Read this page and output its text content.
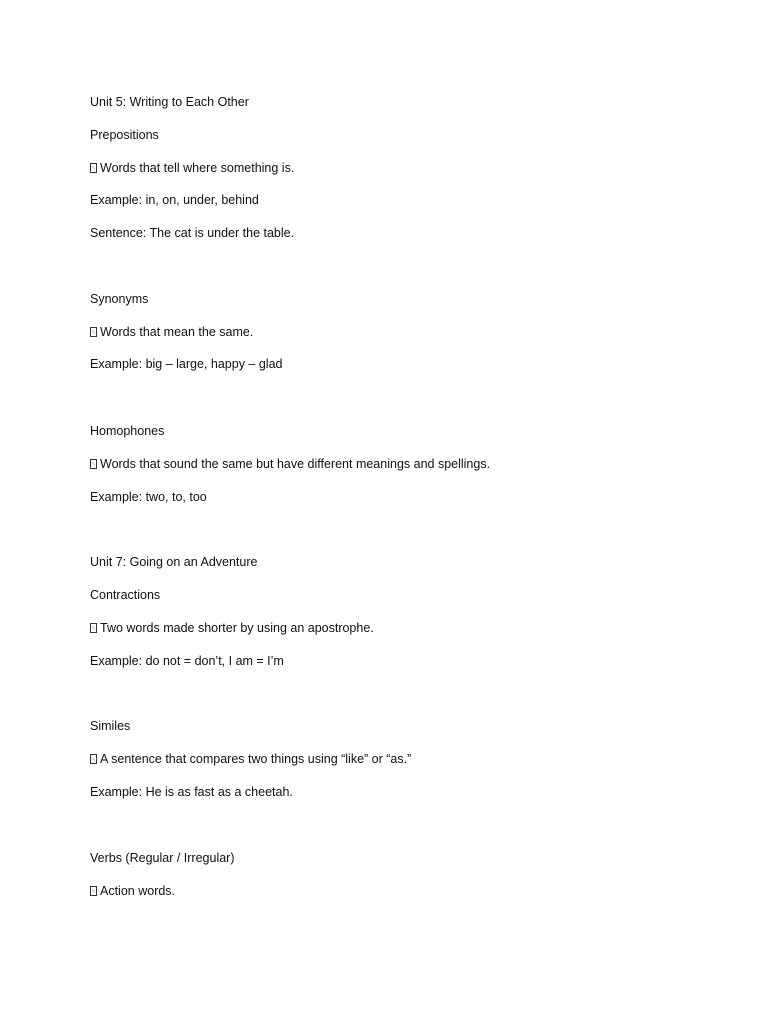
Unit 5: Writing to Each Other
Prepositions
Words that tell where something is.
Example: in, on, under, behind
Sentence: The cat is under the table.
Synonyms
Words that mean the same.
Example: big – large, happy – glad
Homophones
Words that sound the same but have different meanings and spellings.
Example: two, to, too
Unit 7: Going on an Adventure
Contractions
Two words made shorter by using an apostrophe.
Example: do not = don’t, I am = I’m
Similes
A sentence that compares two things using “like” or “as.”
Example: He is as fast as a cheetah.
Verbs (Regular / Irregular)
Action words.
